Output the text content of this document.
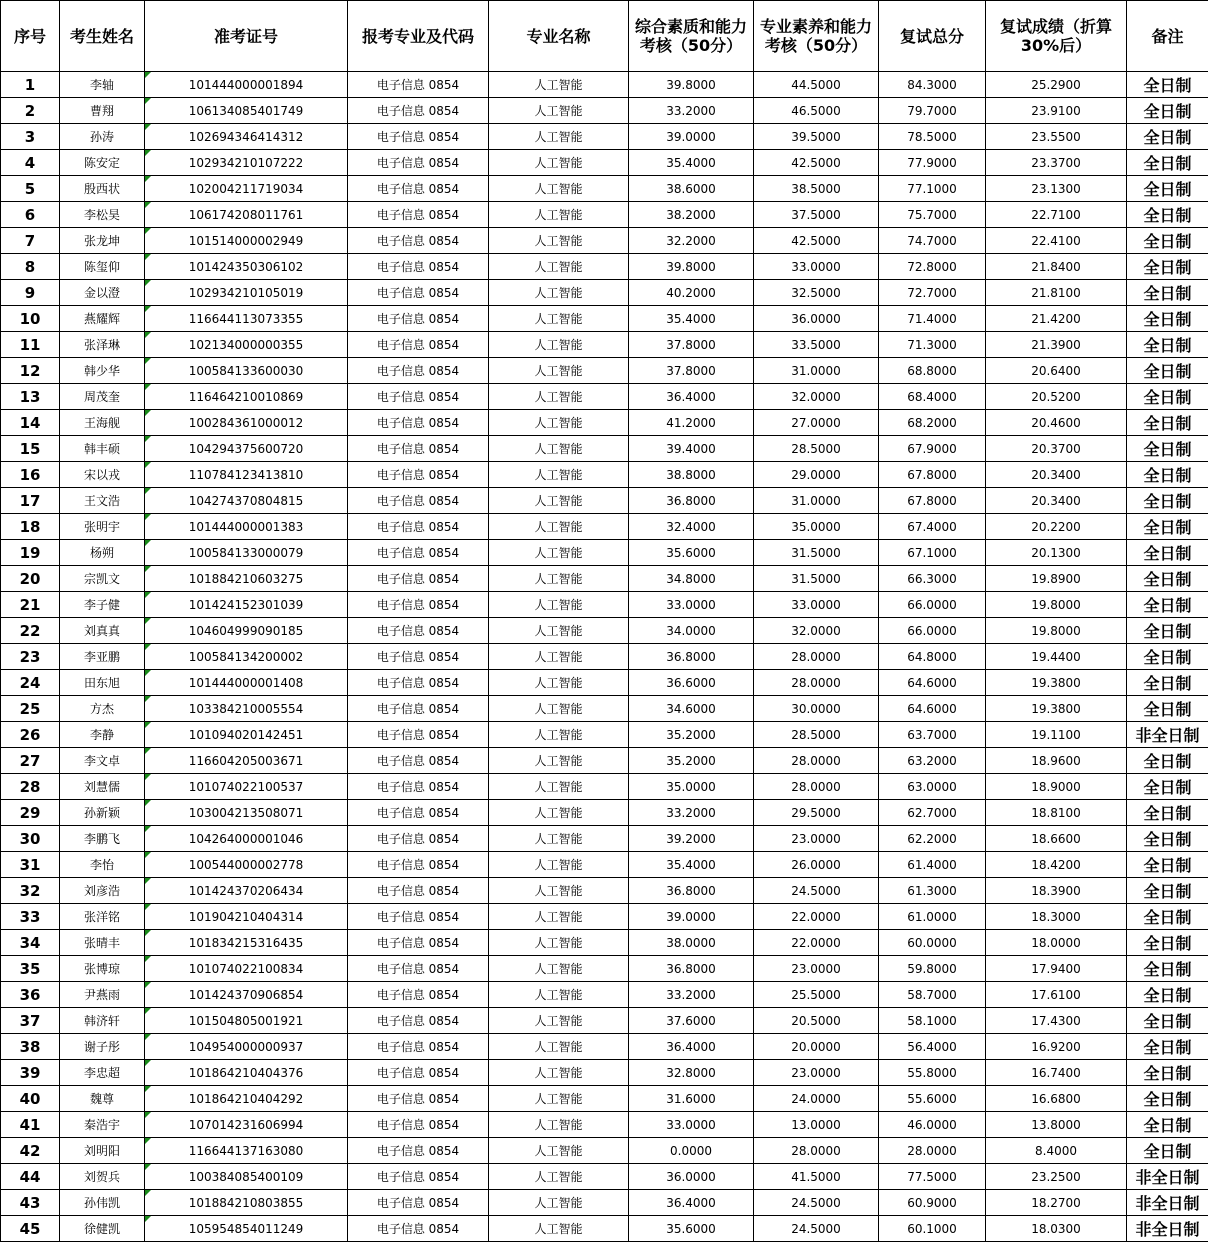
序号	考生姓名	准考证号	报考专业及代码	专业名称	综合素质和能力考核（50分）	专业素养和能力考核（50分）	复试总分	复试成绩（折算30%后）	备注
1	李轴	101444000001894	电子信息 0854	人工智能	39.8000	44.5000	84.3000	25.2900	全日制
2	曹翔	106134085401749	电子信息 0854	人工智能	33.2000	46.5000	79.7000	23.9100	全日制
3	孙涛	102694346414312	电子信息 0854	人工智能	39.0000	39.5000	78.5000	23.5500	全日制
4	陈安定	102934210107222	电子信息 0854	人工智能	35.4000	42.5000	77.9000	23.3700	全日制
5	殷西状	102004211719034	电子信息 0854	人工智能	38.6000	38.5000	77.1000	23.1300	全日制
6	李松昊	106174208011761	电子信息 0854	人工智能	38.2000	37.5000	75.7000	22.7100	全日制
7	张龙坤	101514000002949	电子信息 0854	人工智能	32.2000	42.5000	74.7000	22.4100	全日制
8	陈玺仰	101424350306102	电子信息 0854	人工智能	39.8000	33.0000	72.8000	21.8400	全日制
9	金以澄	102934210105019	电子信息 0854	人工智能	40.2000	32.5000	72.7000	21.8100	全日制
10	燕耀辉	116644113073355	电子信息 0854	人工智能	35.4000	36.0000	71.4000	21.4200	全日制
11	张泽琳	102134000000355	电子信息 0854	人工智能	37.8000	33.5000	71.3000	21.3900	全日制
12	韩少华	100584133600030	电子信息 0854	人工智能	37.8000	31.0000	68.8000	20.6400	全日制
13	周茂奎	116464210010869	电子信息 0854	人工智能	36.4000	32.0000	68.4000	20.5200	全日制
14	王海舰	100284361000012	电子信息 0854	人工智能	41.2000	27.0000	68.2000	20.4600	全日制
15	韩丰硕	104294375600720	电子信息 0854	人工智能	39.4000	28.5000	67.9000	20.3700	全日制
16	宋以戎	110784123413810	电子信息 0854	人工智能	38.8000	29.0000	67.8000	20.3400	全日制
17	王文浩	104274370804815	电子信息 0854	人工智能	36.8000	31.0000	67.8000	20.3400	全日制
18	张明宇	101444000001383	电子信息 0854	人工智能	32.4000	35.0000	67.4000	20.2200	全日制
19	杨朔	100584133000079	电子信息 0854	人工智能	35.6000	31.5000	67.1000	20.1300	全日制
20	宗凯文	101884210603275	电子信息 0854	人工智能	34.8000	31.5000	66.3000	19.8900	全日制
21	李子健	101424152301039	电子信息 0854	人工智能	33.0000	33.0000	66.0000	19.8000	全日制
22	刘真真	104604999090185	电子信息 0854	人工智能	34.0000	32.0000	66.0000	19.8000	全日制
23	李亚鹏	100584134200002	电子信息 0854	人工智能	36.8000	28.0000	64.8000	19.4400	全日制
24	田东旭	101444000001408	电子信息 0854	人工智能	36.6000	28.0000	64.6000	19.3800	全日制
25	方杰	103384210005554	电子信息 0854	人工智能	34.6000	30.0000	64.6000	19.3800	全日制
26	李静	101094020142451	电子信息 0854	人工智能	35.2000	28.5000	63.7000	19.1100	非全日制
27	李文卓	116604205003671	电子信息 0854	人工智能	35.2000	28.0000	63.2000	18.9600	全日制
28	刘慧儒	101074022100537	电子信息 0854	人工智能	35.0000	28.0000	63.0000	18.9000	全日制
29	孙新颖	103004213508071	电子信息 0854	人工智能	33.2000	29.5000	62.7000	18.8100	全日制
30	李鹏飞	104264000001046	电子信息 0854	人工智能	39.2000	23.0000	62.2000	18.6600	全日制
31	李怡	100544000002778	电子信息 0854	人工智能	35.4000	26.0000	61.4000	18.4200	全日制
32	刘彦浩	101424370206434	电子信息 0854	人工智能	36.8000	24.5000	61.3000	18.3900	全日制
33	张洋铭	101904210404314	电子信息 0854	人工智能	39.0000	22.0000	61.0000	18.3000	全日制
34	张晴丰	101834215316435	电子信息 0854	人工智能	38.0000	22.0000	60.0000	18.0000	全日制
35	张博琼	101074022100834	电子信息 0854	人工智能	36.8000	23.0000	59.8000	17.9400	全日制
36	尹燕雨	101424370906854	电子信息 0854	人工智能	33.2000	25.5000	58.7000	17.6100	全日制
37	韩济轩	101504805001921	电子信息 0854	人工智能	37.6000	20.5000	58.1000	17.4300	全日制
38	谢子彤	104954000000937	电子信息 0854	人工智能	36.4000	20.0000	56.4000	16.9200	全日制
39	李忠超	101864210404376	电子信息 0854	人工智能	32.8000	23.0000	55.8000	16.7400	全日制
40	魏尊	101864210404292	电子信息 0854	人工智能	31.6000	24.0000	55.6000	16.6800	全日制
41	秦浩宇	107014231606994	电子信息 0854	人工智能	33.0000	13.0000	46.0000	13.8000	全日制
42	刘明阳	116644137163080	电子信息 0854	人工智能	0.0000	28.0000	28.0000	8.4000	全日制
44	刘贺兵	100384085400109	电子信息 0854	人工智能	36.0000	41.5000	77.5000	23.2500	非全日制
43	孙伟凯	101884210803855	电子信息 0854	人工智能	36.4000	24.5000	60.9000	18.2700	非全日制
45	徐健凯	105954854011249	电子信息 0854	人工智能	35.6000	24.5000	60.1000	18.0300	非全日制
